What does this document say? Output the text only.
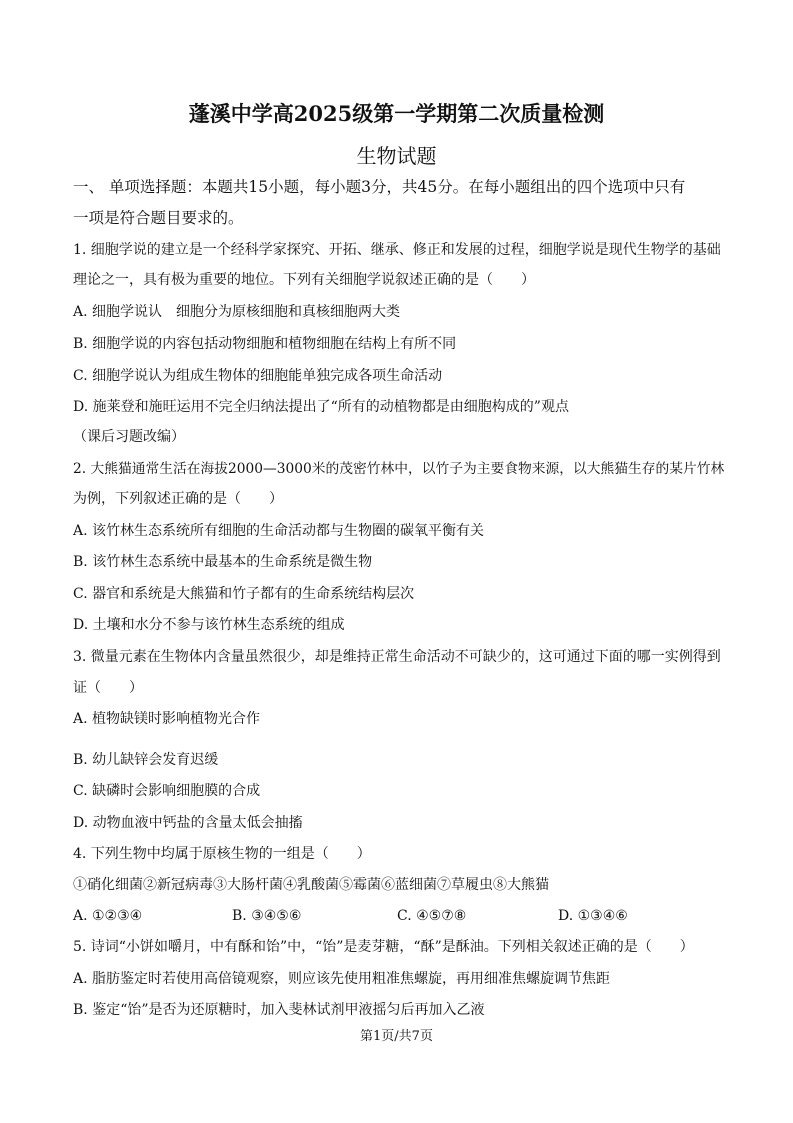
蓬溪中学高2025级第一学期第二次质量检测
生物试题
一、 单项选择题：本题共15小题，每小题3分，共45分。在每小题组出的四个选项中只有
一项是符合题目要求的。
1. 细胞学说的建立是一个经科学家探究、开拓、继承、修正和发展的过程，细胞学说是现代生物学的基础
理论之一，具有极为重要的地位。下列有关细胞学说叙述正确的是（　　）
A. 细胞学说认　细胞分为原核细胞和真核细胞两大类
B. 细胞学说的内容包括动物细胞和植物细胞在结构上有所不同
C. 细胞学说认为组成生物体的细胞能单独完成各项生命活动
D. 施莱登和施旺运用不完全归纳法提出了“所有的动植物都是由细胞构成的”观点
（课后习题改编）
2. 大熊猫通常生活在海拔2000—3000米的茂密竹林中，以竹子为主要食物来源，以大熊猫生存的某片竹林
为例，下列叙述正确的是（　　）
A. 该竹林生态系统所有细胞的生命活动都与生物圈的碳氧平衡有关
B. 该竹林生态系统中最基本的生命系统是微生物
C. 器官和系统是大熊猫和竹子都有的生命系统结构层次
D. 土壤和水分不参与该竹林生态系统的组成
3. 微量元素在生物体内含量虽然很少，却是维持正常生命活动不可缺少的，这可通过下面的哪一实例得到
证（　　）
A. 植物缺镁时影响植物光合作
B. 幼儿缺锌会发育迟缓
C. 缺磷时会影响细胞膜的合成
D. 动物血液中钙盐的含量太低会抽搐
4. 下列生物中均属于原核生物的一组是（　　）
①硝化细菌②新冠病毒③大肠杆菌④乳酸菌⑤霉菌⑥蓝细菌⑦草履虫⑧大熊猫
A. ①②③④	B. ③④⑤⑥	C. ④⑤⑦⑧	D. ①③④⑥
5. 诗词“小饼如嚼月，中有酥和饴”中，“饴”是麦芽糖，“酥”是酥油。下列相关叙述正确的是（　　）
A. 脂肪鉴定时若使用高倍镜观察，则应该先使用粗准焦螺旋，再用细准焦螺旋调节焦距
B. 鉴定“饴”是否为还原糖时，加入斐林试剂甲液摇匀后再加入乙液
第1页/共7页
